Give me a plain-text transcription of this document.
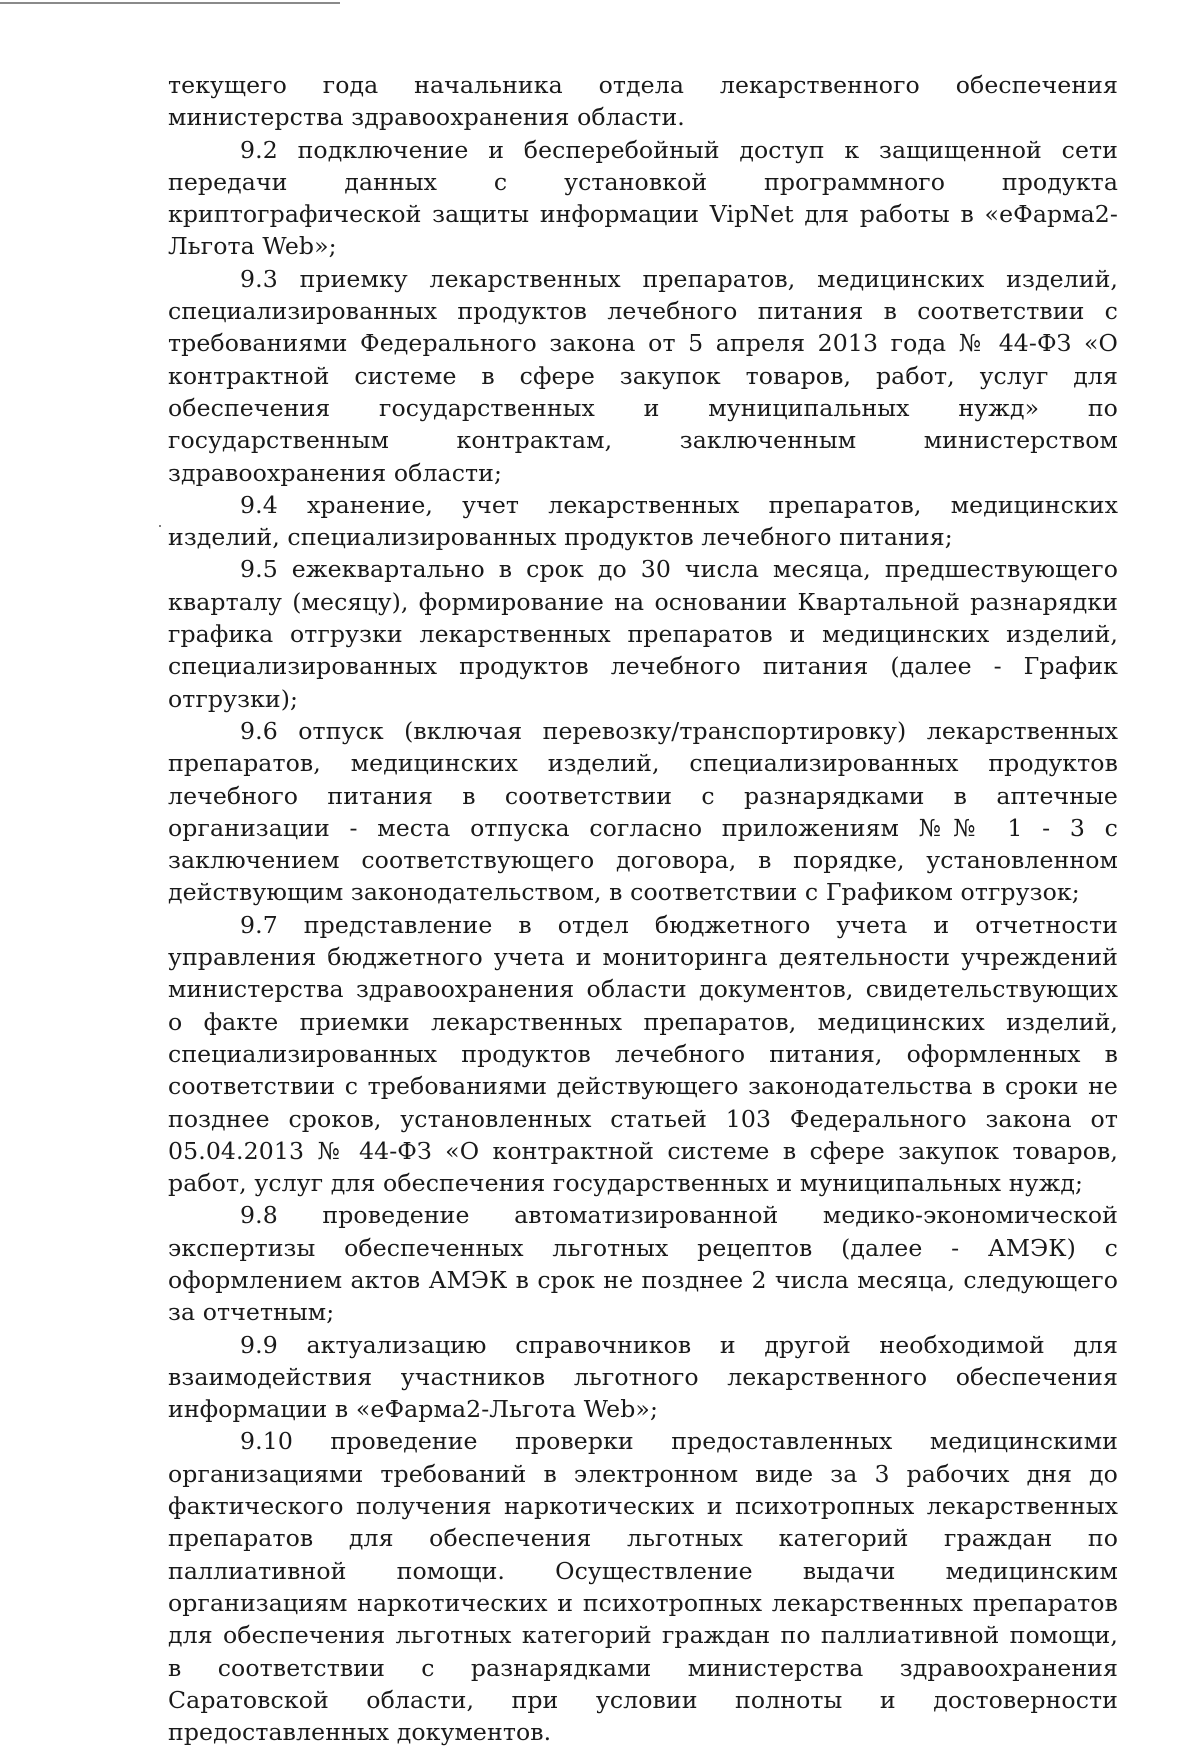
текущего года начальника отдела лекарственного обеспечения министерства здравоохранения области.

9.2 подключение и бесперебойный доступ к защищенной сети передачи данных с установкой программного продукта криптографической защиты информации VipNet для работы в «еФарма2-Льгота Web»;

9.3 приемку лекарственных препаратов, медицинских изделий, специализированных продуктов лечебного питания в соответствии с требованиями Федерального закона от 5 апреля 2013 года № 44-ФЗ «О контрактной системе в сфере закупок товаров, работ, услуг для обеспечения государственных и муниципальных нужд» по государственным контрактам, заключенным министерством здравоохранения области;

9.4 хранение, учет лекарственных препаратов, медицинских изделий, специализированных продуктов лечебного питания;

9.5 ежеквартально в срок до 30 числа месяца, предшествующего кварталу (месяцу), формирование на основании Квартальной разнарядки графика отгрузки лекарственных препаратов и медицинских изделий, специализированных продуктов лечебного питания (далее - График отгрузки);

9.6 отпуск (включая перевозку/транспортировку) лекарственных препаратов, медицинских изделий, специализированных продуктов лечебного питания в соответствии с разнарядками в аптечные организации - места отпуска согласно приложениям №№ 1 - 3 с заключением соответствующего договора, в порядке, установленном действующим законодательством, в соответствии с Графиком отгрузок;

9.7 представление в отдел бюджетного учета и отчетности управления бюджетного учета и мониторинга деятельности учреждений министерства здравоохранения области документов, свидетельствующих о факте приемки лекарственных препаратов, медицинских изделий, специализированных продуктов лечебного питания, оформленных в соответствии с требованиями действующего законодательства в сроки не позднее сроков, установленных статьей 103 Федерального закона от 05.04.2013 № 44-ФЗ «О контрактной системе в сфере закупок товаров, работ, услуг для обеспечения государственных и муниципальных нужд;

9.8 проведение автоматизированной медико-экономической экспертизы обеспеченных льготных рецептов (далее - АМЭК) с оформлением актов АМЭК в срок не позднее 2 числа месяца, следующего за отчетным;

9.9 актуализацию справочников и другой необходимой для взаимодействия участников льготного лекарственного обеспечения информации в «еФарма2-Льгота Web»;

9.10 проведение проверки предоставленных медицинскими организациями требований в электронном виде за 3 рабочих дня до фактического получения наркотических и психотропных лекарственных препаратов для обеспечения льготных категорий граждан по паллиативной помощи. Осуществление выдачи медицинским организациям наркотических и психотропных лекарственных препаратов для обеспечения льготных категорий граждан по паллиативной помощи, в соответствии с разнарядками министерства здравоохранения Саратовской области, при условии полноты и достоверности предоставленных документов.
